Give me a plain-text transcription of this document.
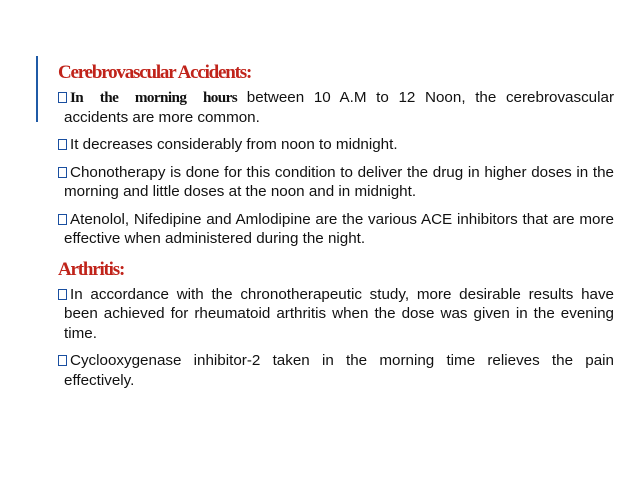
Cerebrovascular Accidents:
In the morning hours between 10 A.M to 12 Noon, the cerebrovascular accidents are more common.
It decreases considerably from noon to midnight.
Chonotherapy is done for this condition to deliver the drug in higher doses in the morning and little doses at the noon and in midnight.
Atenolol, Nifedipine and Amlodipine are the various ACE inhibitors that are more effective when administered during the night.
Arthritis:
In accordance with the chronotherapeutic study, more desirable results have been achieved for rheumatoid arthritis when the dose was given in the evening time.
Cyclooxygenase inhibitor-2 taken in the morning time relieves the pain effectively.
